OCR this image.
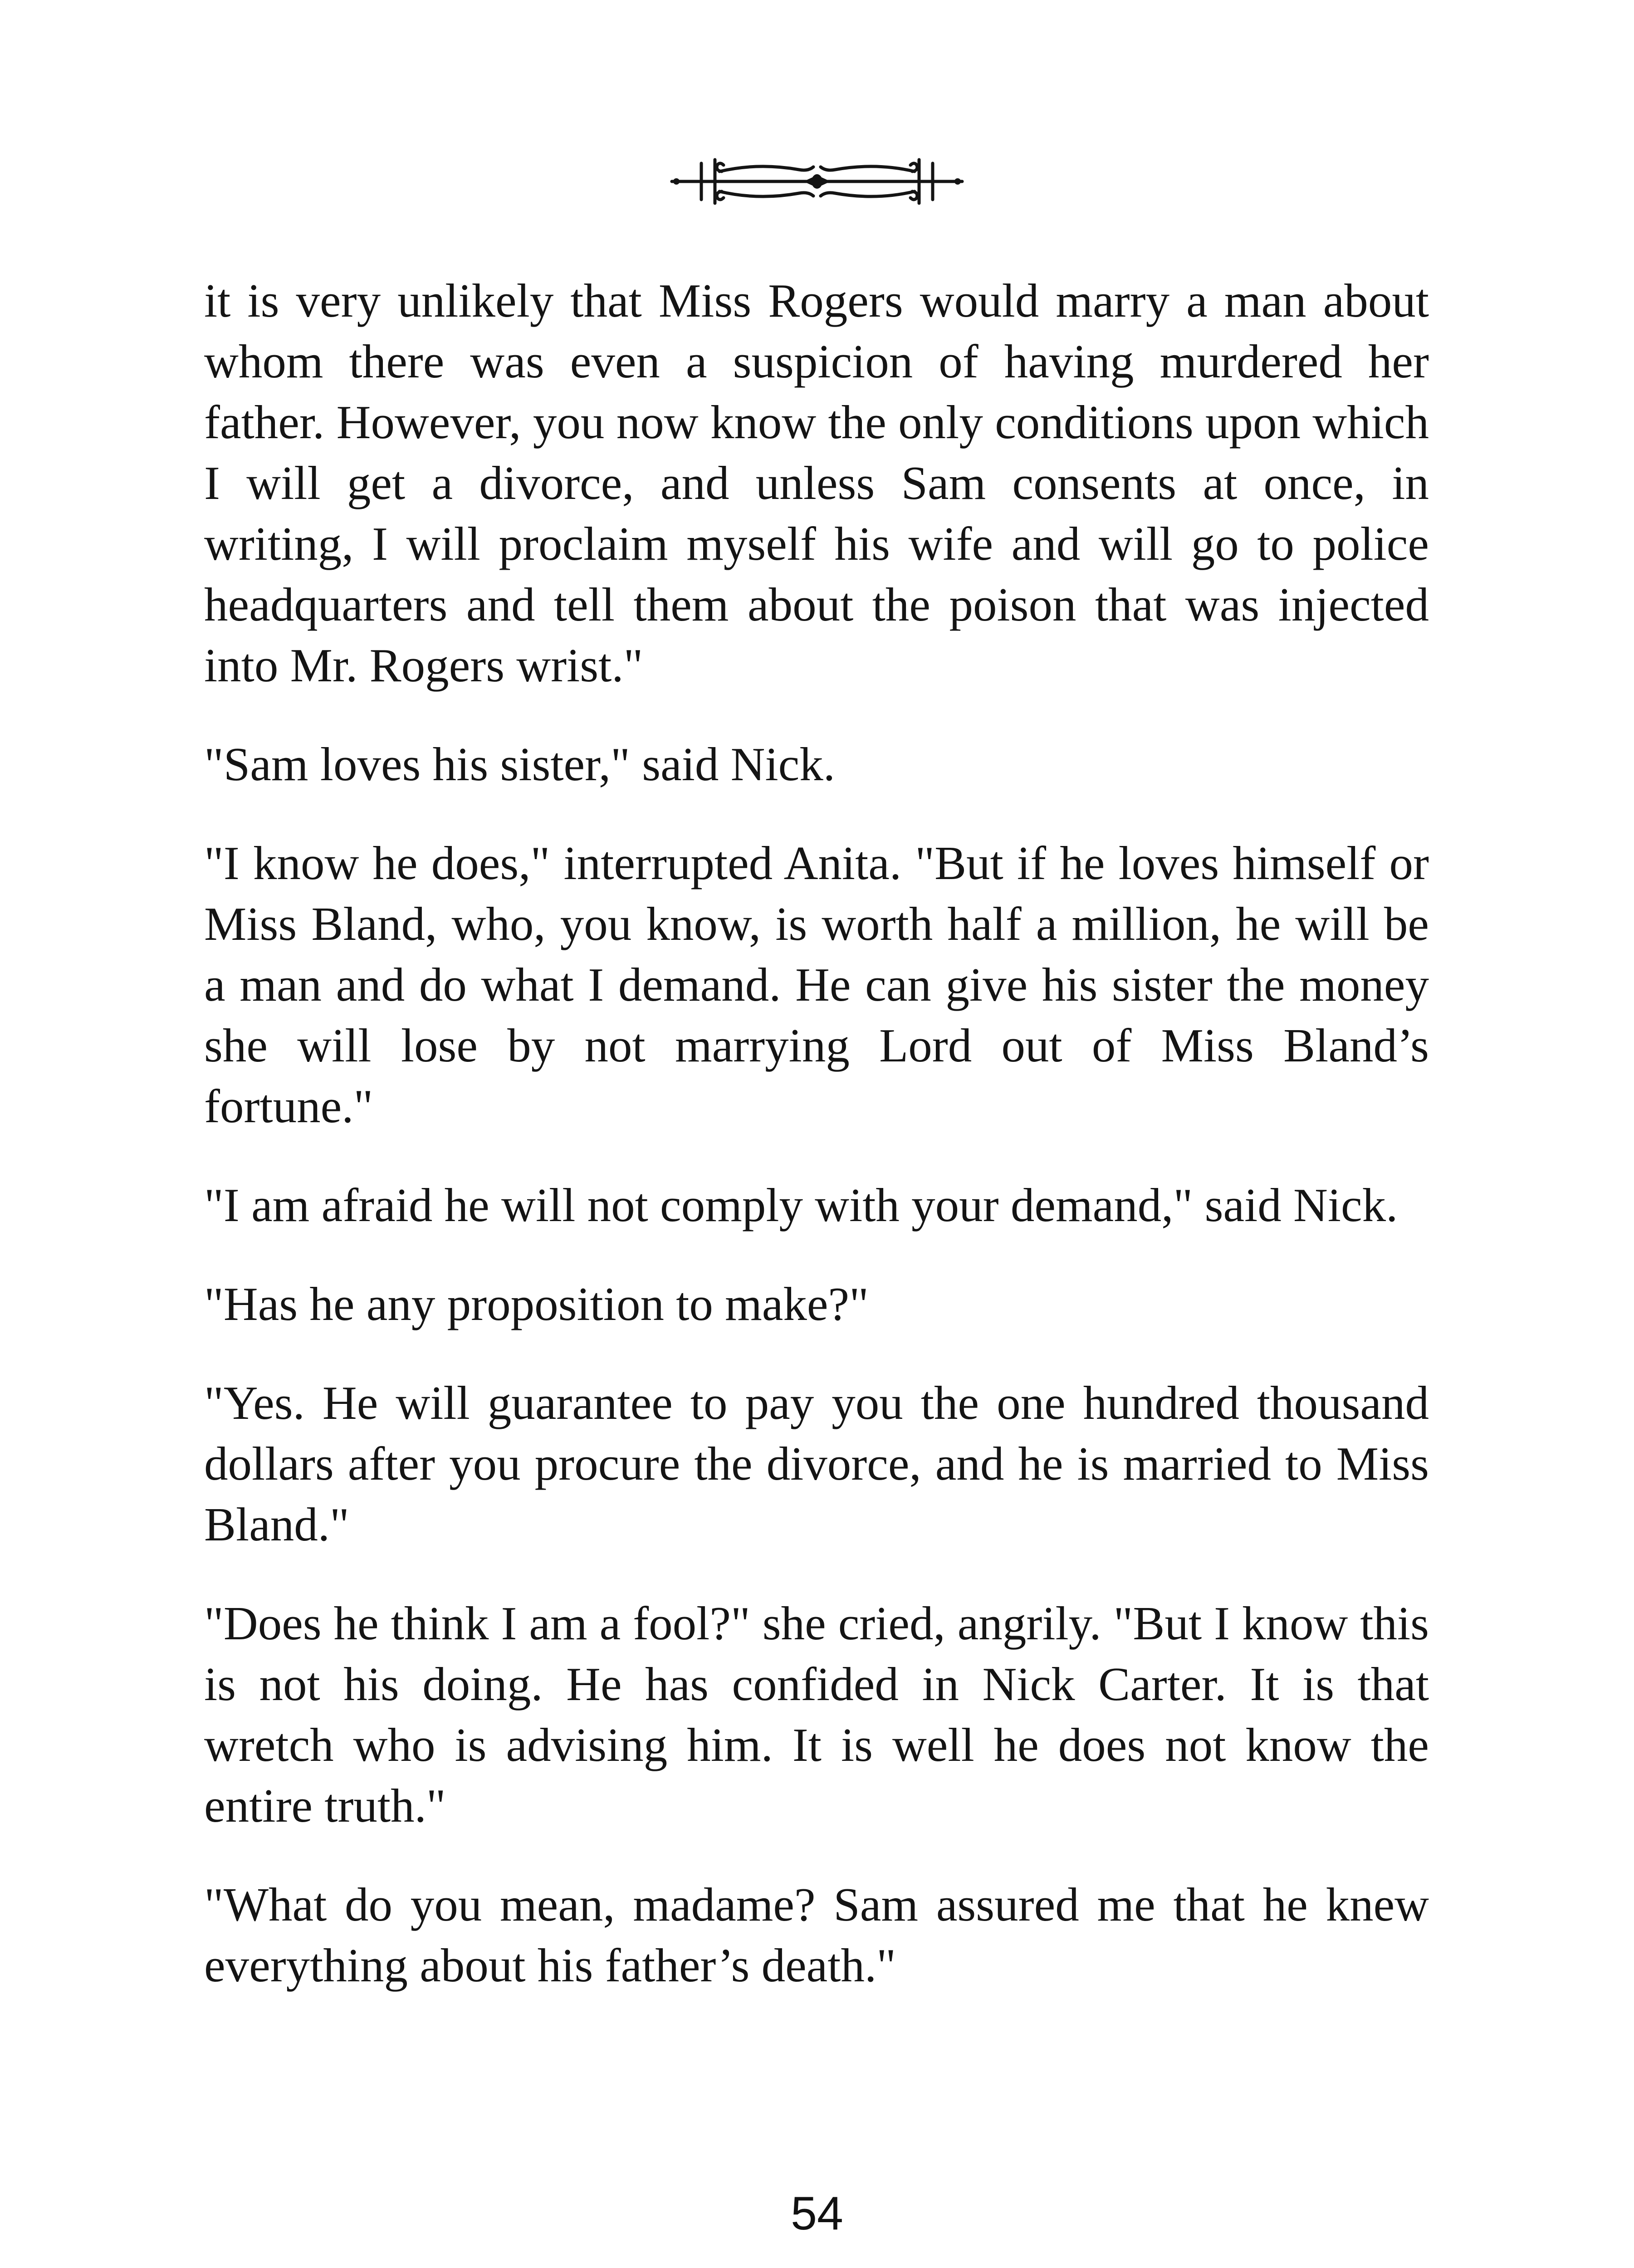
it is very unlikely that Miss Rogers would marry a man about whom there was even a suspicion of having murdered her father. However, you now know the only conditions upon which I will get a divorce, and unless Sam consents at once, in writing, I will proclaim myself his wife and will go to police headquarters and tell them about the poison that was injected into Mr. Rogers wrist."

"Sam loves his sister," said Nick.

"I know he does," interrupted Anita. "But if he loves himself or Miss Bland, who, you know, is worth half a million, he will be a man and do what I demand. He can give his sister the money she will lose by not marrying Lord out of Miss Bland’s fortune."

"I am afraid he will not comply with your demand," said Nick.

"Has he any proposition to make?"

"Yes. He will guarantee to pay you the one hundred thousand dollars after you procure the divorce, and he is married to Miss Bland."

"Does he think I am a fool?" she cried, angrily. "But I know this is not his doing. He has confided in Nick Carter. It is that wretch who is advising him. It is well he does not know the entire truth."

"What do you mean, madame? Sam assured me that he knew everything about his father’s death."

54
